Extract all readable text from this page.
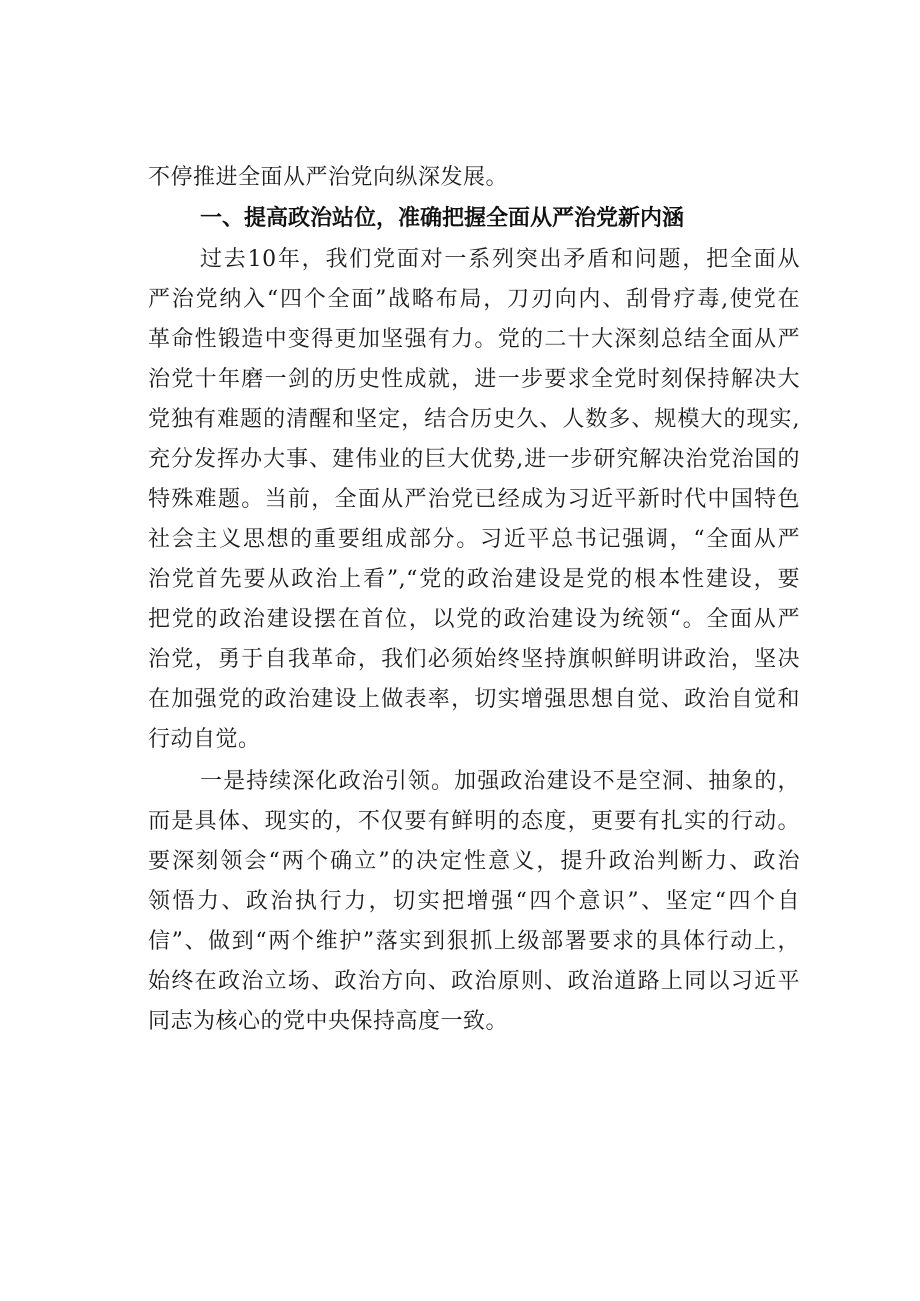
不停推进全面从严治党向纵深发展。
一、提高政治站位，准确把握全面从严治党新内涵
过去10年，我们党面对一系列突出矛盾和问题，把全面从
严治党纳入“四个全面”战略布局，刀刃向内、刮骨疗毒,使党在
革命性锻造中变得更加坚强有力。党的二十大深刻总结全面从严
治党十年磨一剑的历史性成就，进一步要求全党时刻保持解决大
党独有难题的清醒和坚定，结合历史久、人数多、规模大的现实,
充分发挥办大事、建伟业的巨大优势,进一步研究解决治党治国的
特殊难题。当前，全面从严治党已经成为习近平新时代中国特色
社会主义思想的重要组成部分。习近平总书记强调，“全面从严
治党首先要从政治上看”,“党的政治建设是党的根本性建设，要
把党的政治建设摆在首位，以党的政治建设为统领“。全面从严
治党，勇于自我革命，我们必须始终坚持旗帜鲜明讲政治，坚决
在加强党的政治建设上做表率，切实增强思想自觉、政治自觉和
行动自觉。
一是持续深化政治引领。加强政治建设不是空洞、抽象的，
而是具体、现实的，不仅要有鲜明的态度，更要有扎实的行动。
要深刻领会“两个确立”的决定性意义，提升政治判断力、政治
领悟力、政治执行力，切实把增强“四个意识”、坚定“四个自
信”、做到“两个维护”落实到狠抓上级部署要求的具体行动上，
始终在政治立场、政治方向、政治原则、政治道路上同以习近平
同志为核心的党中央保持高度一致。
